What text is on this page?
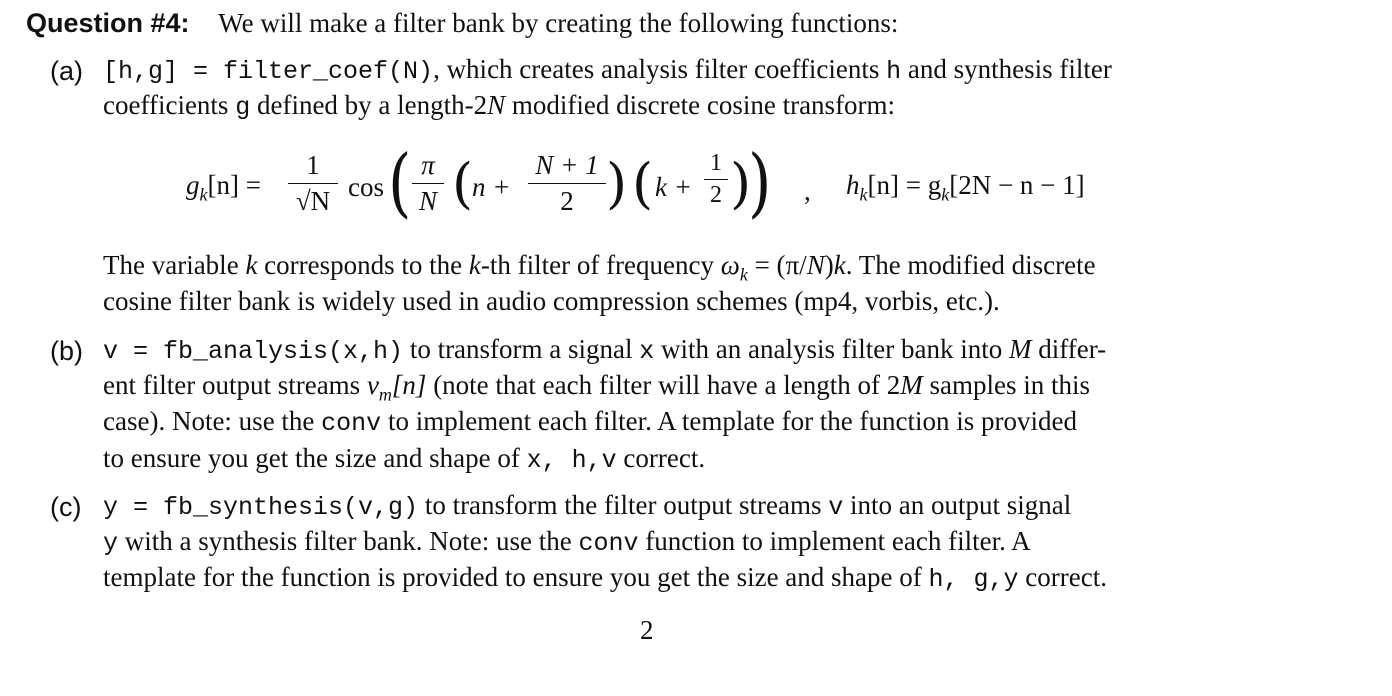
Question #4: We will make a filter bank by creating the following functions:
(a) [h,g] = filter_coef(N), which creates analysis filter coefficients h and synthesis filter
coefficients g defined by a length-2N modified discrete cosine transform:
$g_k[n]$ =
1
√N cos ( π
N (
n +
N + 1
2 ) ( k +
1
2 )
) , $h_k[n] = g_k[2N - n - 1]$
The variable k corresponds to the k-th filter of frequency $\omega_k = (\pi/N)k$. The modified discrete
cosine filter bank is widely used in audio compression schemes (mp4, vorbis, etc.).
(b) v = fb_analysis(x,h) to transform a signal x with an analysis filter bank into M differ-
ent filter output streams $v_m[n]$ (note that each filter will have a length of 2M samples in this
case). Note: use the conv to implement each filter. A template for the function is provided
to ensure you get the size and shape of x, h,v correct.
(c) y = fb_synthesis(v,g) to transform the filter output streams v into an output signal
y with a synthesis filter bank. Note: use the conv function to implement each filter. A
template for the function is provided to ensure you get the size and shape of h, g,y correct.
2
